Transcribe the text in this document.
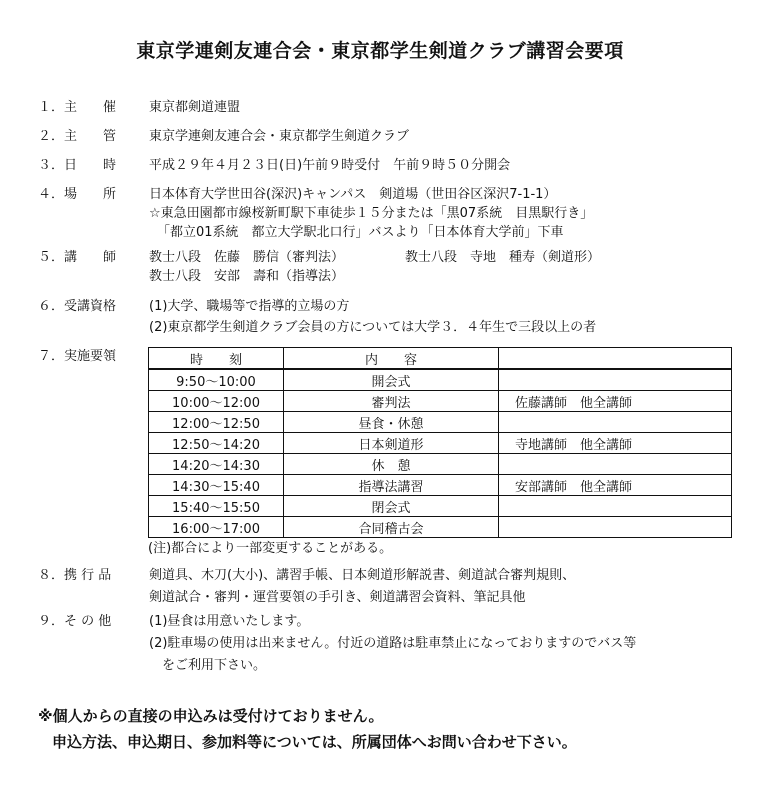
東京学連剣友連合会・東京都学生剣道クラブ講習会要項
１．主　　催	東京都剣道連盟
２．主　　管	東京学連剣友連合会・東京都学生剣道クラブ
３．日　　時	平成２９年４月２３日(日)午前９時受付　午前９時５０分開会
４．場　　所	日本体育大学世田谷(深沢)キャンパス　剣道場（世田谷区深沢7-1-1）
☆東急田園都市線桜新町駅下車徒歩１５分または「黒07系統　目黒駅行き」
「都立01系統　都立大学駅北口行」バスより「日本体育大学前」下車
５．講　　師	教士八段　佐藤　勝信（審判法）	教士八段　寺地　種寿（剣道形）
教士八段　安部　壽和（指導法）
６．受講資格	(1)大学、職場等で指導的立場の方
(2)東京都学生剣道クラブ会員の方については大学３．４年生で三段以上の者
７．実施要領	時　　刻	内　　容	
9:50～10:00	開会式	
10:00～12:00	審判法	佐藤講師　他全講師
12:00～12:50	昼食・休憩	
12:50～14:20	日本剣道形	寺地講師　他全講師
14:20～14:30	休　憩	
14:30～15:40	指導法講習	安部講師　他全講師
15:40～15:50	閉会式	
16:00～17:00	合同稽古会	
(注)都合により一部変更することがある。
８．携 行 品	剣道具、木刀(大小)、講習手帳、日本剣道形解説書、剣道試合審判規則、
剣道試合・審判・運営要領の手引き、剣道講習会資料、筆記具他
９．そ の 他	(1)昼食は用意いたします。
(2)駐車場の使用は出来ません。付近の道路は駐車禁止になっておりますのでバス等
　をご利用下さい。
※個人からの直接の申込みは受付けておりません。
申込方法、申込期日、参加料等については、所属団体へお問い合わせ下さい。
